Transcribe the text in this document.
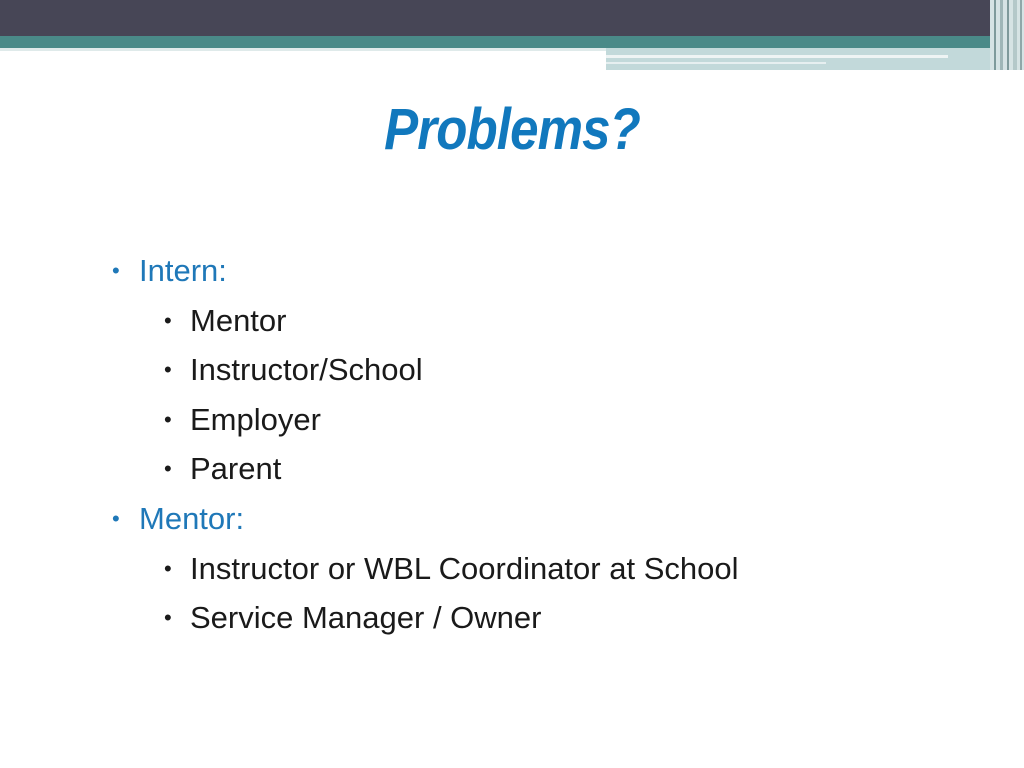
Problems?
• Intern:
• Mentor
• Instructor/School
• Employer
• Parent
• Mentor:
• Instructor or WBL Coordinator at School
• Service Manager / Owner
